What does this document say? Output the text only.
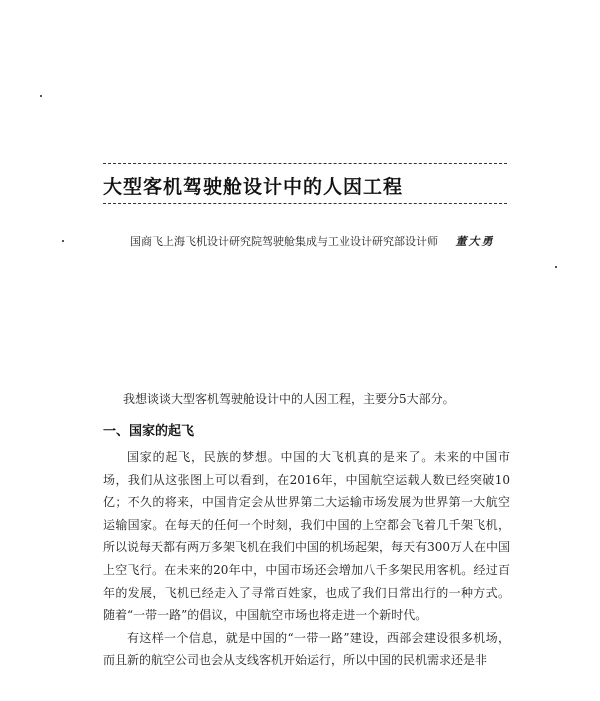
大型客机驾驶舱设计中的人因工程
国商飞上海飞机设计研究院驾驶舱集成与工业设计研究部设计师 董大勇
我想谈谈大型客机驾驶舱设计中的人因工程，主要分5大部分。
一、国家的起飞

国家的起飞，民族的梦想。中国的大飞机真的是来了。未来的中国市场，我们从这张图上可以看到，在2016年，中国航空运载人数已经突破10亿；不久的将来，中国肯定会从世界第二大运输市场发展为世界第一大航空运输国家。在每天的任何一个时刻，我们中国的上空都会飞着几千架飞机，所以说每天都有两万多架飞机在我们中国的机场起架，每天有300万人在中国上空飞行。在未来的20年中，中国市场还会增加八千多架民用客机。经过百年的发展，飞机已经走入了寻常百姓家，也成了我们日常出行的一种方式。随着“一带一路”的倡议，中国航空市场也将走进一个新时代。

有这样一个信息，就是中国的“一带一路”建设，西部会建设很多机场，而且新的航空公司也会从支线客机开始运行，所以中国的民机需求还是非
